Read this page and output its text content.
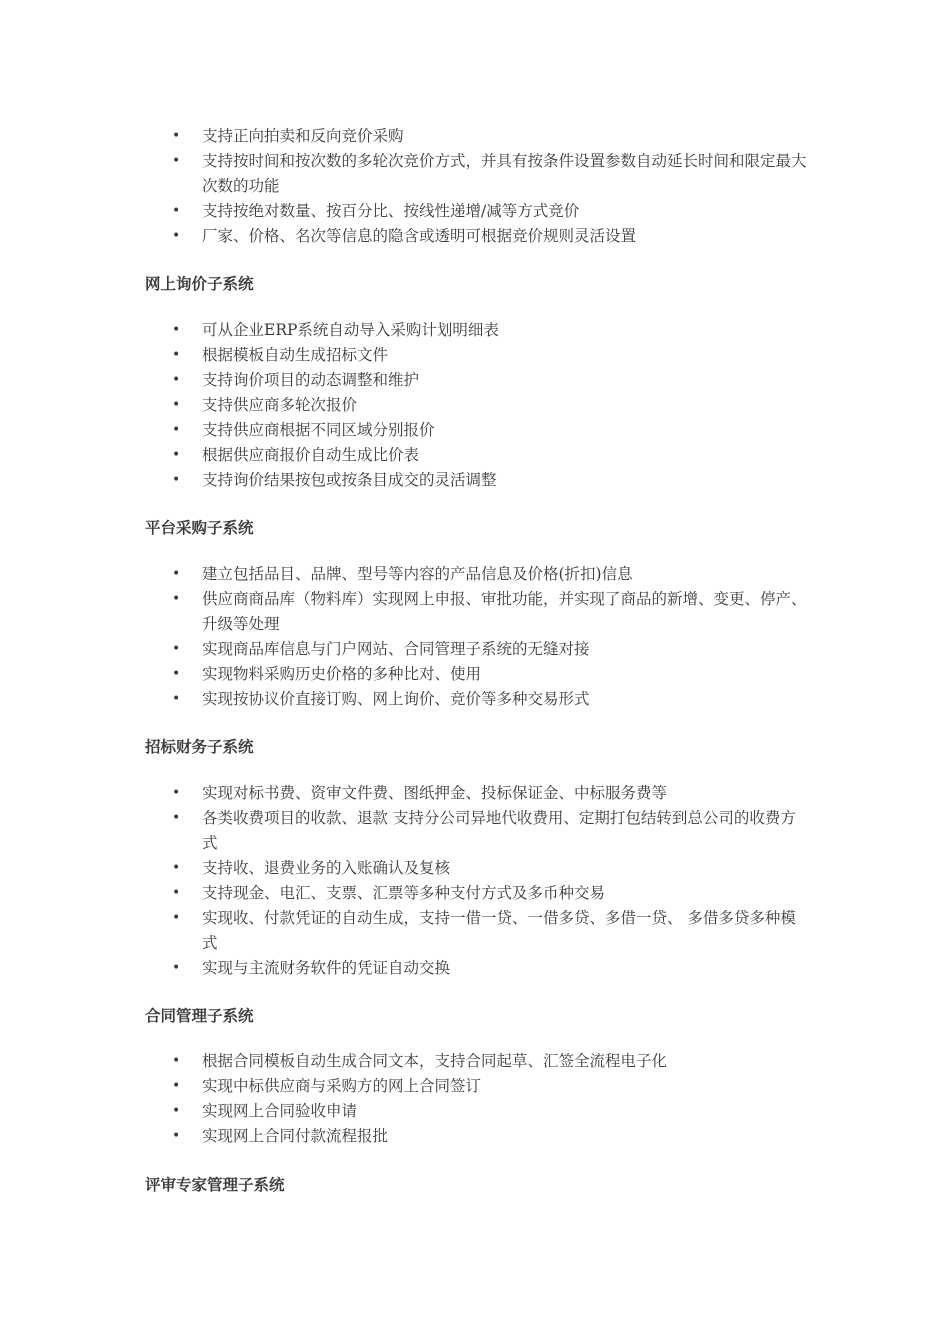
• 支持正向拍卖和反向竞价采购
• 支持按时间和按次数的多轮次竞价方式，并具有按条件设置参数自动延长时间和限定最大次数的功能
• 支持按绝对数量、按百分比、按线性递增/减等方式竞价
• 厂家、价格、名次等信息的隐含或透明可根据竞价规则灵活设置
网上询价子系统
• 可从企业ERP系统自动导入采购计划明细表
• 根据模板自动生成招标文件
• 支持询价项目的动态调整和维护
• 支持供应商多轮次报价
• 支持供应商根据不同区域分别报价
• 根据供应商报价自动生成比价表
• 支持询价结果按包或按条目成交的灵活调整
平台采购子系统
• 建立包括品目、品牌、型号等内容的产品信息及价格(折扣)信息
• 供应商商品库（物料库）实现网上申报、审批功能，并实现了商品的新增、变更、停产、升级等处理
• 实现商品库信息与门户网站、合同管理子系统的无缝对接
• 实现物料采购历史价格的多种比对、使用
• 实现按协议价直接订购、网上询价、竞价等多种交易形式
招标财务子系统
• 实现对标书费、资审文件费、图纸押金、投标保证金、中标服务费等
• 各类收费项目的收款、退款 支持分公司异地代收费用、定期打包结转到总公司的收费方式
• 支持收、退费业务的入账确认及复核
• 支持现金、电汇、支票、汇票等多种支付方式及多币种交易
• 实现收、付款凭证的自动生成，支持一借一贷、一借多贷、多借一贷、 多借多贷多种模式
• 实现与主流财务软件的凭证自动交换
合同管理子系统
• 根据合同模板自动生成合同文本，支持合同起草、汇签全流程电子化
• 实现中标供应商与采购方的网上合同签订
• 实现网上合同验收申请
• 实现网上合同付款流程报批
评审专家管理子系统
